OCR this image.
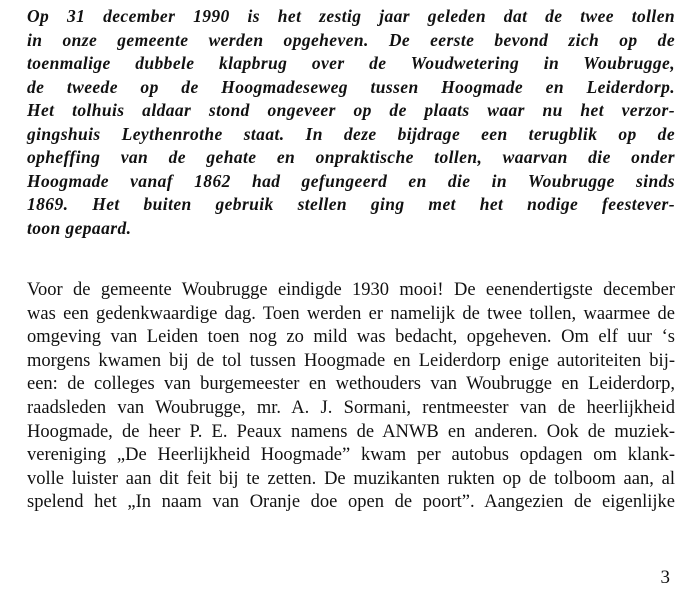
Op 31 december 1990 is het zestig jaar geleden dat de twee tollen
in onze gemeente werden opgeheven. De eerste bevond zich op de
toenmalige dubbele klapbrug over de Woudwetering in Woubrugge,
de tweede op de Hoogmadeseweg tussen Hoogmade en Leiderdorp.
Het tolhuis aldaar stond ongeveer op de plaats waar nu het verzor-
gingshuis Leythenrothe staat. In deze bijdrage een terugblik op de
opheffing van de gehate en onpraktische tollen, waarvan die onder
Hoogmade vanaf 1862 had gefungeerd en die in Woubrugge sinds
1869. Het buiten gebruik stellen ging met het nodige feestever-
toon gepaard.
Voor de gemeente Woubrugge eindigde 1930 mooi! De eenendertigste december
was een gedenkwaardige dag. Toen werden er namelijk de twee tollen, waarmee de
omgeving van Leiden toen nog zo mild was bedacht, opgeheven. Om elf uur ‘s
morgens kwamen bij de tol tussen Hoogmade en Leiderdorp enige autoriteiten bij-
een: de colleges van burgemeester en wethouders van Woubrugge en Leiderdorp,
raadsleden van Woubrugge, mr. A. J. Sormani, rentmeester van de heerlijkheid
Hoogmade, de heer P. E. Peaux namens de ANWB en anderen. Ook de muziek-
vereniging „De Heerlijkheid Hoogmade” kwam per autobus opdagen om klank-
volle luister aan dit feit bij te zetten. De muzikanten rukten op de tolboom aan, al
spelend het „In naam van Oranje doe open de poort”. Aangezien de eigenlijke
3
